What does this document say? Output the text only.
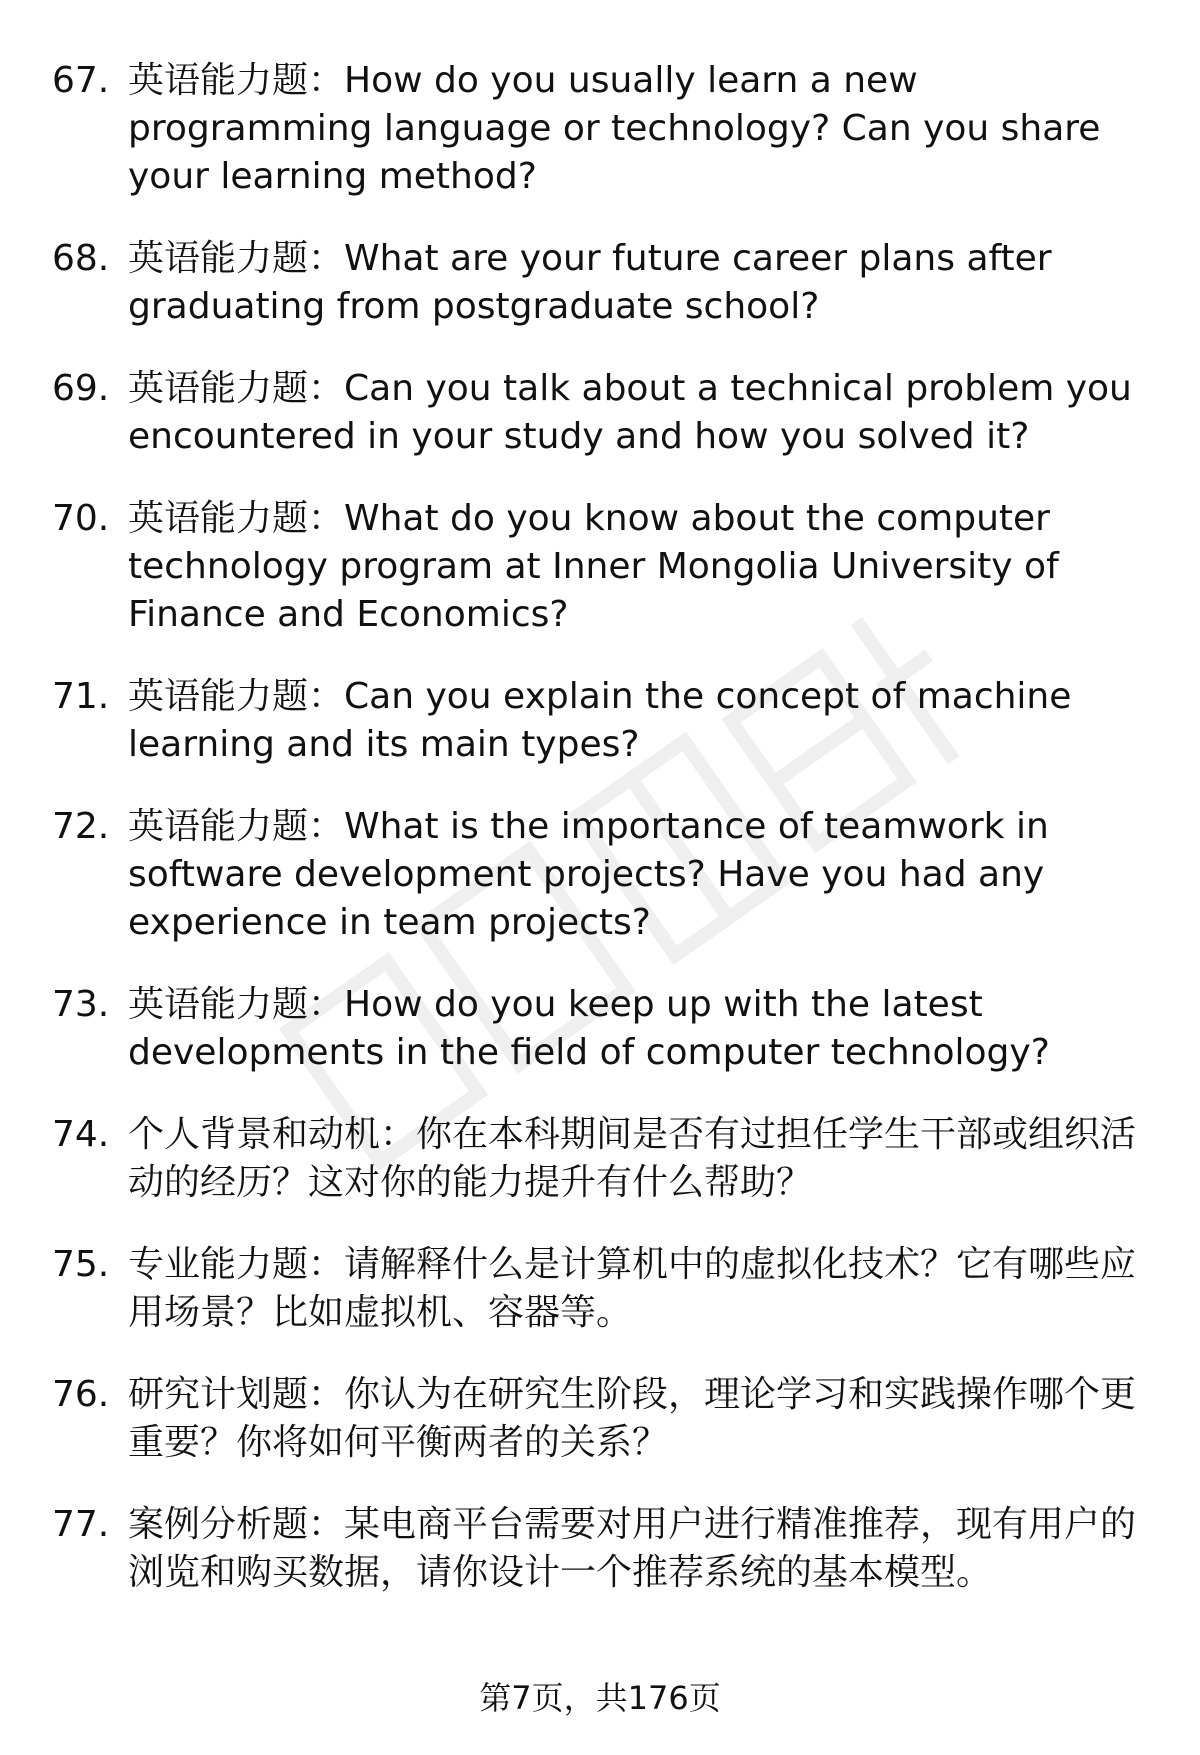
67. 英语能力题：How do you usually learn a new programming language or technology? Can you share your learning method?
68. 英语能力题：What are your future career plans after graduating from postgraduate school?
69. 英语能力题：Can you talk about a technical problem you encountered in your study and how you solved it?
70. 英语能力题：What do you know about the computer technology program at Inner Mongolia University of Finance and Economics?
71. 英语能力题：Can you explain the concept of machine learning and its main types?
72. 英语能力题：What is the importance of teamwork in software development projects? Have you had any experience in team projects?
73. 英语能力题：How do you keep up with the latest developments in the field of computer technology?
74. 个人背景和动机：你在本科期间是否有过担任学生干部或组织活动的经历？这对你的能力提升有什么帮助？
75. 专业能力题：请解释什么是计算机中的虚拟化技术？它有哪些应用场景？比如虚拟机、容器等。
76. 研究计划题：你认为在研究生阶段，理论学习和实践操作哪个更重要？你将如何平衡两者的关系？
77. 案例分析题：某电商平台需要对用户进行精准推荐，现有用户的浏览和购买数据，请你设计一个推荐系统的基本模型。
第7页，共176页
